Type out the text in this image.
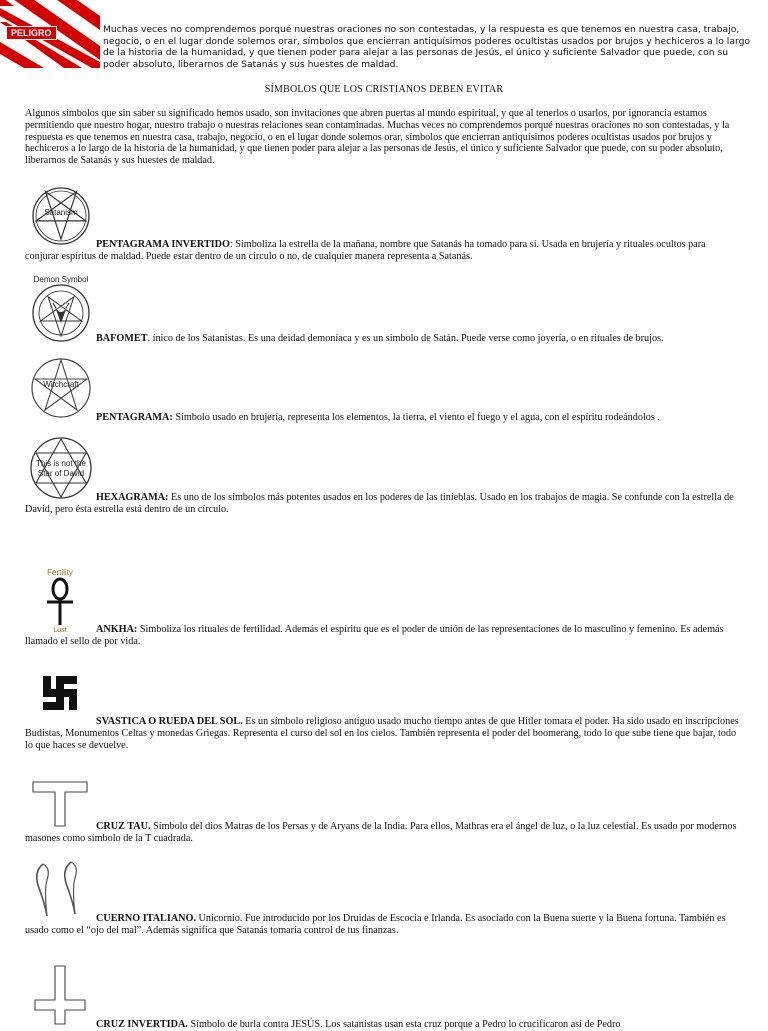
PELIGRO	Muchas veces no comprendemos porqué nuestras oraciones no son contestadas, y la respuesta es que tenemos en nuestra casa, trabajo, negocio, o en el lugar donde solemos orar, símbolos que encierran antiquísimos poderes ocultistas usados por brujos y hechiceros a lo largo de la historia de la humanidad, y que tienen poder para alejar a las personas de Jesús, el único y suficiente Salvador que puede, con su poder absoluto, liberarnos de Satanás y sus huestes de maldad.
SÍMBOLOS QUE LOS CRISTIANOS DEBEN EVITAR
Algunos símbolos que sin saber su significado hemos usado, son invitaciones que abren puertas al mundo espiritual, y que al tenerlos o usarlos, por ignorancia estamos permitiendo que nuestro hogar, nuestro trabajo o nuestras relaciones sean contaminadas. Muchas veces no comprendemos porqué nuestras oraciones no son contestadas, y la respuesta es que tenemos en nuestra casa, trabajo, negocio, o en el lugar donde solemos orar, símbolos que encierran antiquísimos poderes ocultistas usados por brujos y hechiceros a lo largo de la historia de la humanidad, y que tienen poder para alejar a las personas de Jesús, el único y suficiente Salvador que puede, con su poder absoluto, liberarnos de Satanás y sus huestes de maldad.
Satanism
PENTAGRAMA INVERTIDO: Simboliza la estrella de la mañana, nombre que Satanás ha tomado para sí. Usada en brujería y rituales ocultos para conjurar espíritus de maldad. Puede estar dentro de un círculo o no, de cualquier manera representa a Satanás.
Demon Symbol
BAFOMET. ínico de los Satanistas. Es una deidad demoníaca y es un símbolo de Satán. Puede verse como joyería, o en rituales de brujos.
Witchcraft
PENTAGRAMA: Símbolo usado en brujería, representa los elementos, la tierra, el viento el fuego y el agua, con el espíritu rodeándolos .
This is not the
Star of David
HEXAGRAMA: Es uno de los símbolos más potentes usados en los poderes de las tinieblas. Usado en los trabajos de magia. Se confunde con la estrella de David, pero ésta estrella está dentro de un círculo.
Fertility
Lust	ANKHA: Simboliza los rituales de fertilidad. Además el espíritu que es el poder de unión de las representaciones de lo masculino y femenino. Es además llamado el sello de por vida.
SVASTICA O RUEDA DEL SOL. Es un símbolo religioso antiguo usado mucho tiempo antes de que Hitler tomara el poder. Ha sido usado en inscripciones Budistas, Monumentos Celtas y monedas Griegas. Representa el curso del sol en los cielos. También representa el poder del boomerang, todo lo que sube tiene que bajar, todo lo que haces se devuelve.
CRUZ TAU. Símbolo del dios Matras de los Persas y de Aryans de la India. Para ellos, Mathras era el ángel de luz, o la luz celestial. Es usado por modernos masones como símbolo de la T cuadrada.
CUERNO ITALIANO. Unicornio. Fue introducido por los Druidas de Escocia e Irlanda. Es asociado con la Buena suerte y la Buena fortuna. También es usado como el “ojo del mal”. Además significa que Satanás tomaría control de tus finanzas.
CRUZ INVERTIDA. Símbolo de burla contra JESÚS. Los satanistas usan esta cruz porque a Pedro lo crucificaron así de Pedro
